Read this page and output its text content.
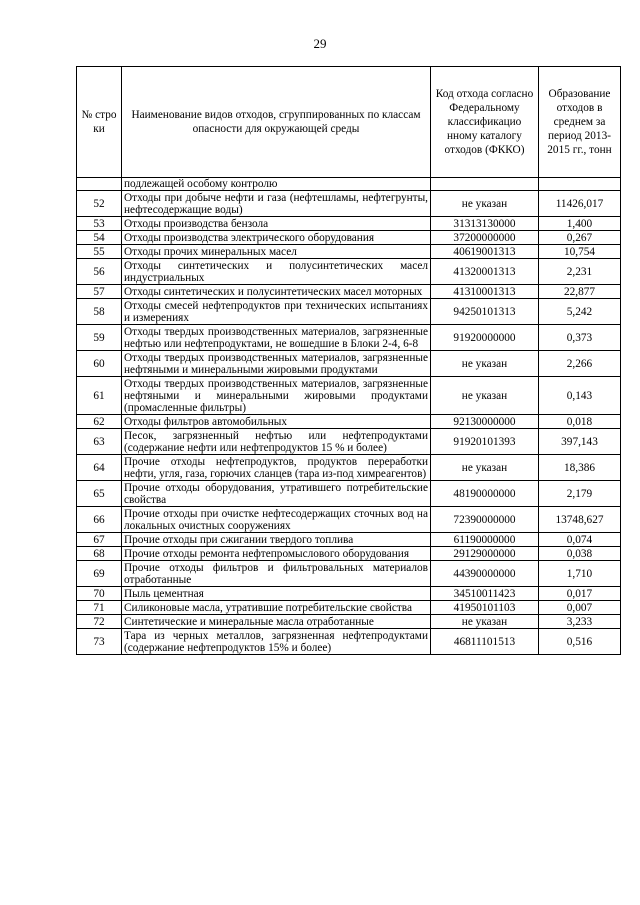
29
№ стро ки	Наименование видов отходов, сгруппированных по классам опасности для окружающей среды	Код отхода согласно Федеральному классификацио нному каталогу отходов (ФККО)	Образование отходов в среднем за период 2013-2015 гг., тонн
	подлежащей особому контролю		
52	Отходы при добыче нефти и газа (нефтешламы, нефтегрунты, нефтесодержащие воды)	не указан	11426,017
53	Отходы производства бензола	31313130000	1,400
54	Отходы производства электрического оборудования	37200000000	0,267
55	Отходы прочих минеральных масел	40619001313	10,754
56	Отходы синтетических и полусинтетических масел индустриальных	41320001313	2,231
57	Отходы синтетических и полусинтетических масел моторных	41310001313	22,877
58	Отходы смесей нефтепродуктов при технических испытаниях и измерениях	94250101313	5,242
59	Отходы твердых производственных материалов, загрязненные нефтью или нефтепродуктами, не вошедшие в Блоки 2-4, 6-8	91920000000	0,373
60	Отходы твердых производственных материалов, загрязненные нефтяными и минеральными жировыми продуктами	не указан	2,266
61	Отходы твердых производственных материалов, загрязненные нефтяными и минеральными жировыми продуктами (промасленные фильтры)	не указан	0,143
62	Отходы фильтров автомобильных	92130000000	0,018
63	Песок, загрязненный нефтью или нефтепродуктами (содержание нефти или нефтепродуктов 15 % и более)	91920101393	397,143
64	Прочие отходы нефтепродуктов, продуктов переработки нефти, угля, газа, горючих сланцев (тара из-под химреагентов)	не указан	18,386
65	Прочие отходы оборудования, утратившего потребительские свойства	48190000000	2,179
66	Прочие отходы при очистке нефтесодержащих сточных вод на локальных очистных сооружениях	72390000000	13748,627
67	Прочие отходы при сжигании твердого топлива	61190000000	0,074
68	Прочие отходы ремонта нефтепромыслового оборудования	29129000000	0,038
69	Прочие отходы фильтров и фильтровальных материалов отработанные	44390000000	1,710
70	Пыль цементная	34510011423	0,017
71	Силиконовые масла, утратившие потребительские свойства	41950101103	0,007
72	Синтетические и минеральные масла отработанные	не указан	3,233
73	Тара из черных металлов, загрязненная нефтепродуктами (содержание нефтепродуктов 15% и более)	46811101513	0,516
